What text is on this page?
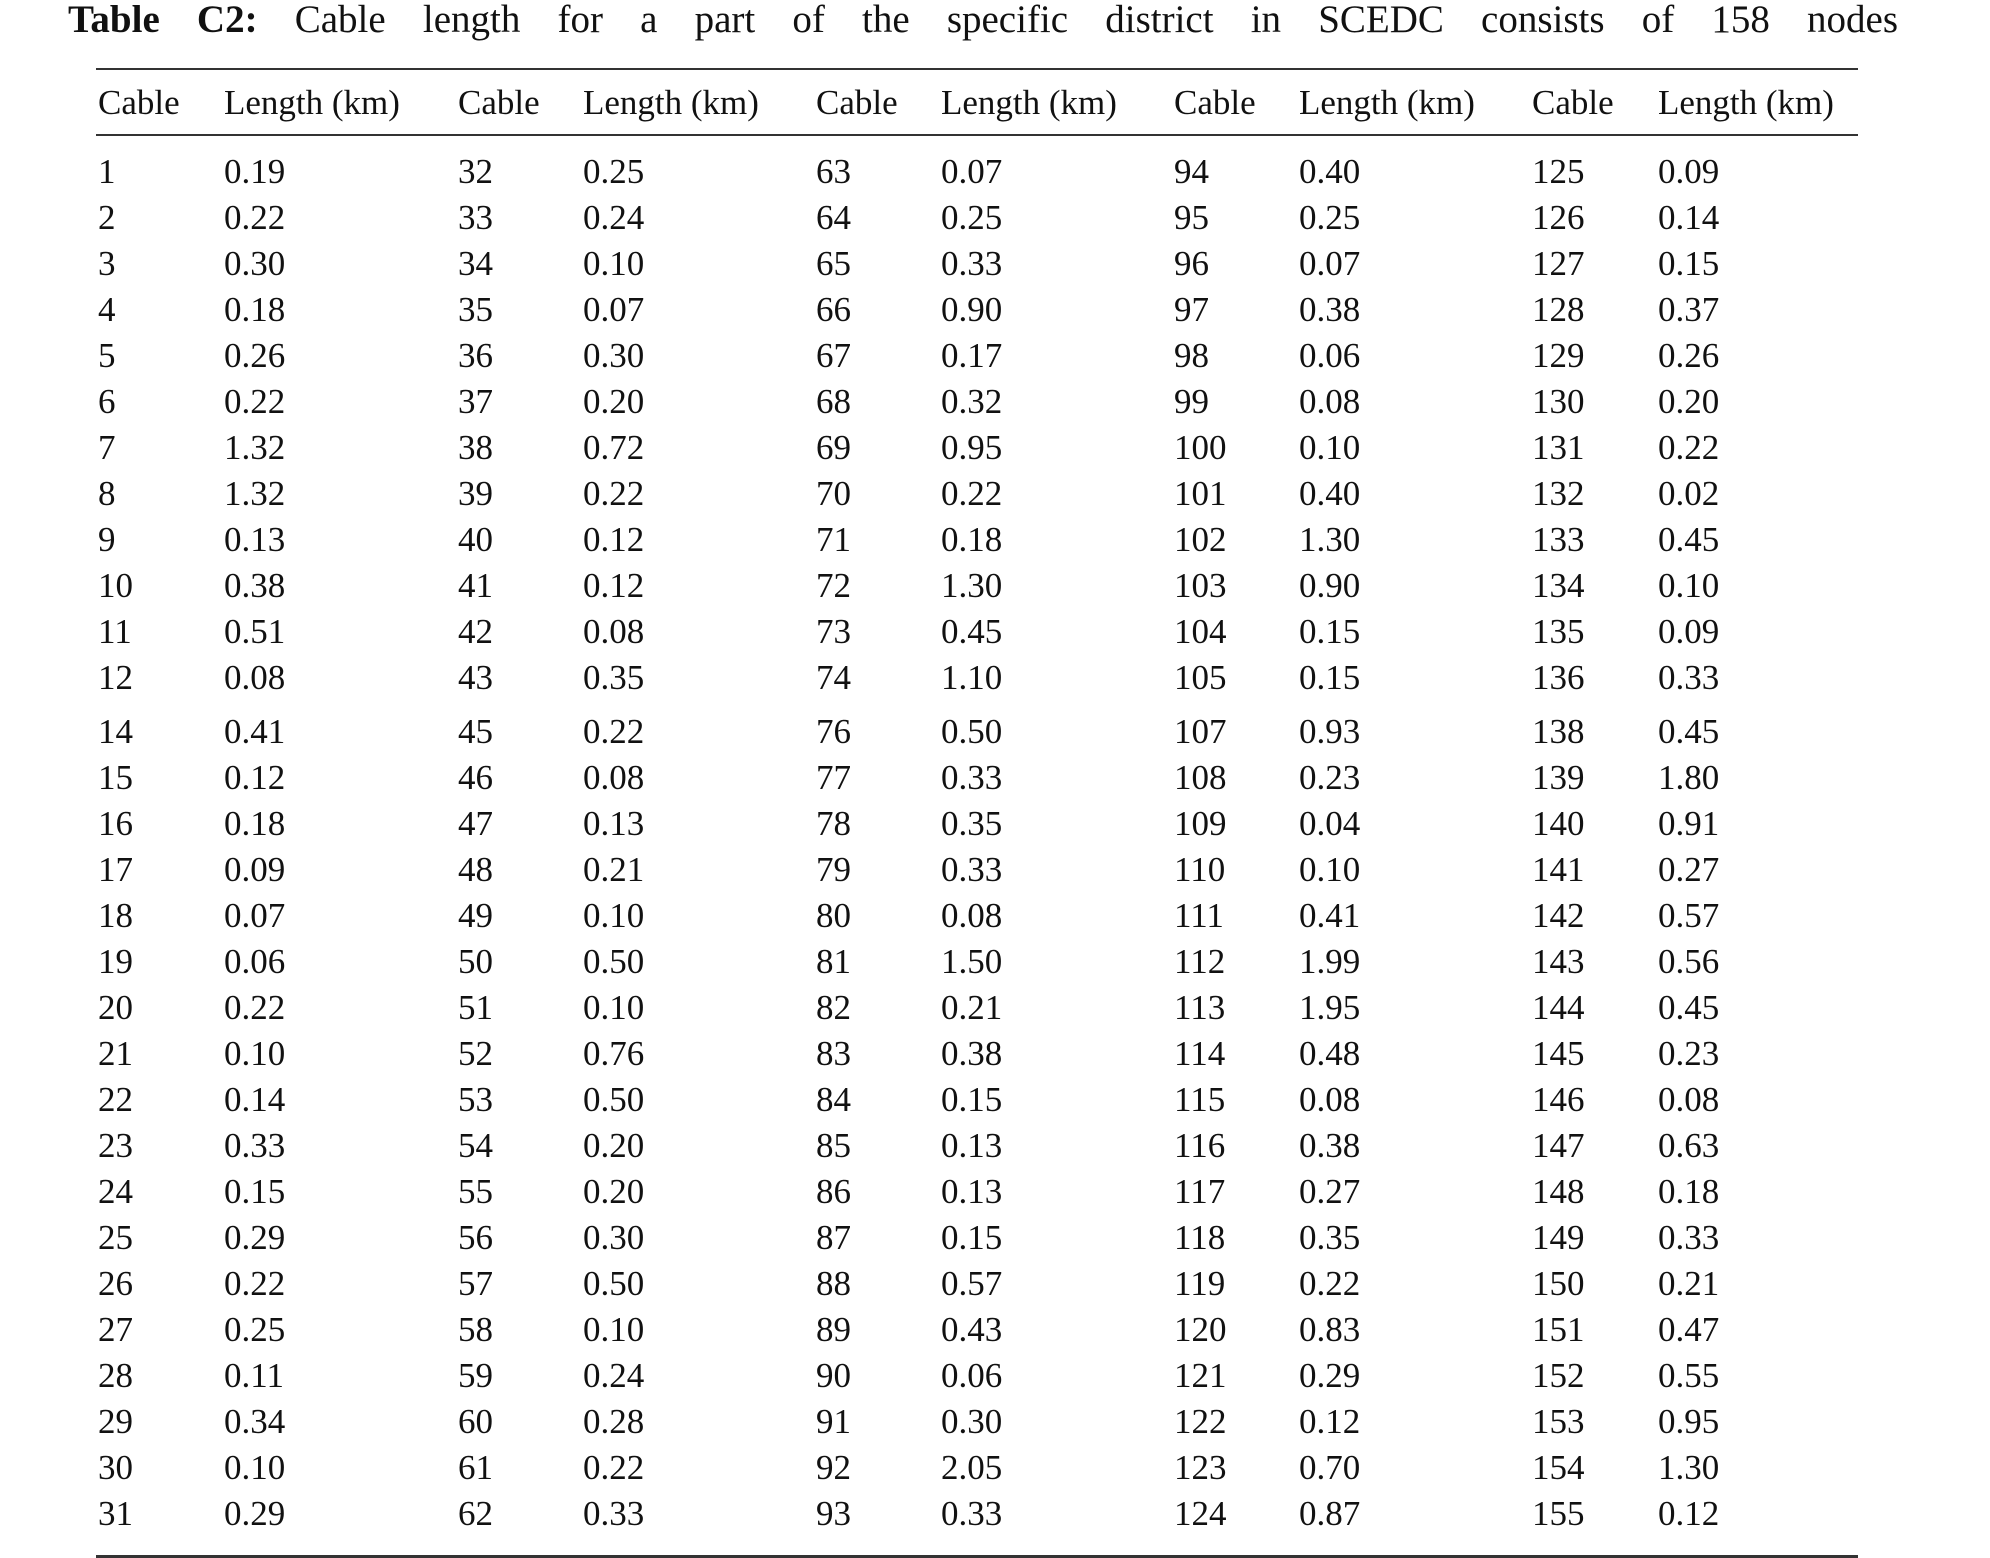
Table C2: Cable length for a part of the specific district in SCEDC consists of 158 nodes
Cable Length (km) Cable Length (km) Cable Length (km) Cable Length (km) Cable Length (km)
1	0.19	32	0.25	63	0.07	94	0.40	125 0.09
2	0.22	33	0.24	64	0.25	95	0.25	126 0.14
3	0.30	34	0.10	65	0.33	96	0.07	127 0.15
4	0.18	35	0.07	66	0.90	97	0.38	128 0.37
5	0.26	36	0.30	67	0.17	98	0.06	129 0.26
6	0.22	37	0.20	68	0.32	99	0.08	130 0.20
7	1.32	38	0.72	69	0.95	100 0.10	131 0.22
8	1.32	39	0.22	70	0.22	101 0.40	132 0.02
9	0.13	40	0.12	71	0.18	102 1.30	133 0.45
10	0.38	41	0.12	72	1.30	103 0.90	134 0.10
11	0.51	42	0.08	73	0.45	104 0.15	135 0.09
12	0.08	43	0.35	74	1.10	105 0.15	136 0.33
14	0.41	45	0.22	76	0.50	107 0.93	138 0.45
15	0.12	46	0.08	77	0.33	108 0.23	139 1.80
16	0.18	47	0.13	78	0.35	109 0.04	140 0.91
17	0.09	48	0.21	79	0.33	110 0.10	141 0.27
18	0.07	49	0.10	80	0.08	111 0.41	142 0.57
19	0.06	50	0.50	81	1.50	112 1.99	143 0.56
20	0.22	51	0.10	82	0.21	113 1.95	144 0.45
21	0.10	52	0.76	83	0.38	114 0.48	145 0.23
22	0.14	53	0.50	84	0.15	115 0.08	146 0.08
23	0.33	54	0.20	85	0.13	116 0.38	147 0.63
24	0.15	55	0.20	86	0.13	117 0.27	148 0.18
25	0.29	56	0.30	87	0.15	118 0.35	149 0.33
26	0.22	57	0.50	88	0.57	119 0.22	150 0.21
27	0.25	58	0.10	89	0.43	120 0.83	151 0.47
28	0.11	59	0.24	90	0.06	121 0.29	152 0.55
29	0.34	60	0.28	91	0.30	122 0.12	153 0.95
30	0.10	61	0.22	92	2.05	123 0.70	154 1.30
31	0.29	62	0.33	93	0.33	124 0.87	155 0.12
